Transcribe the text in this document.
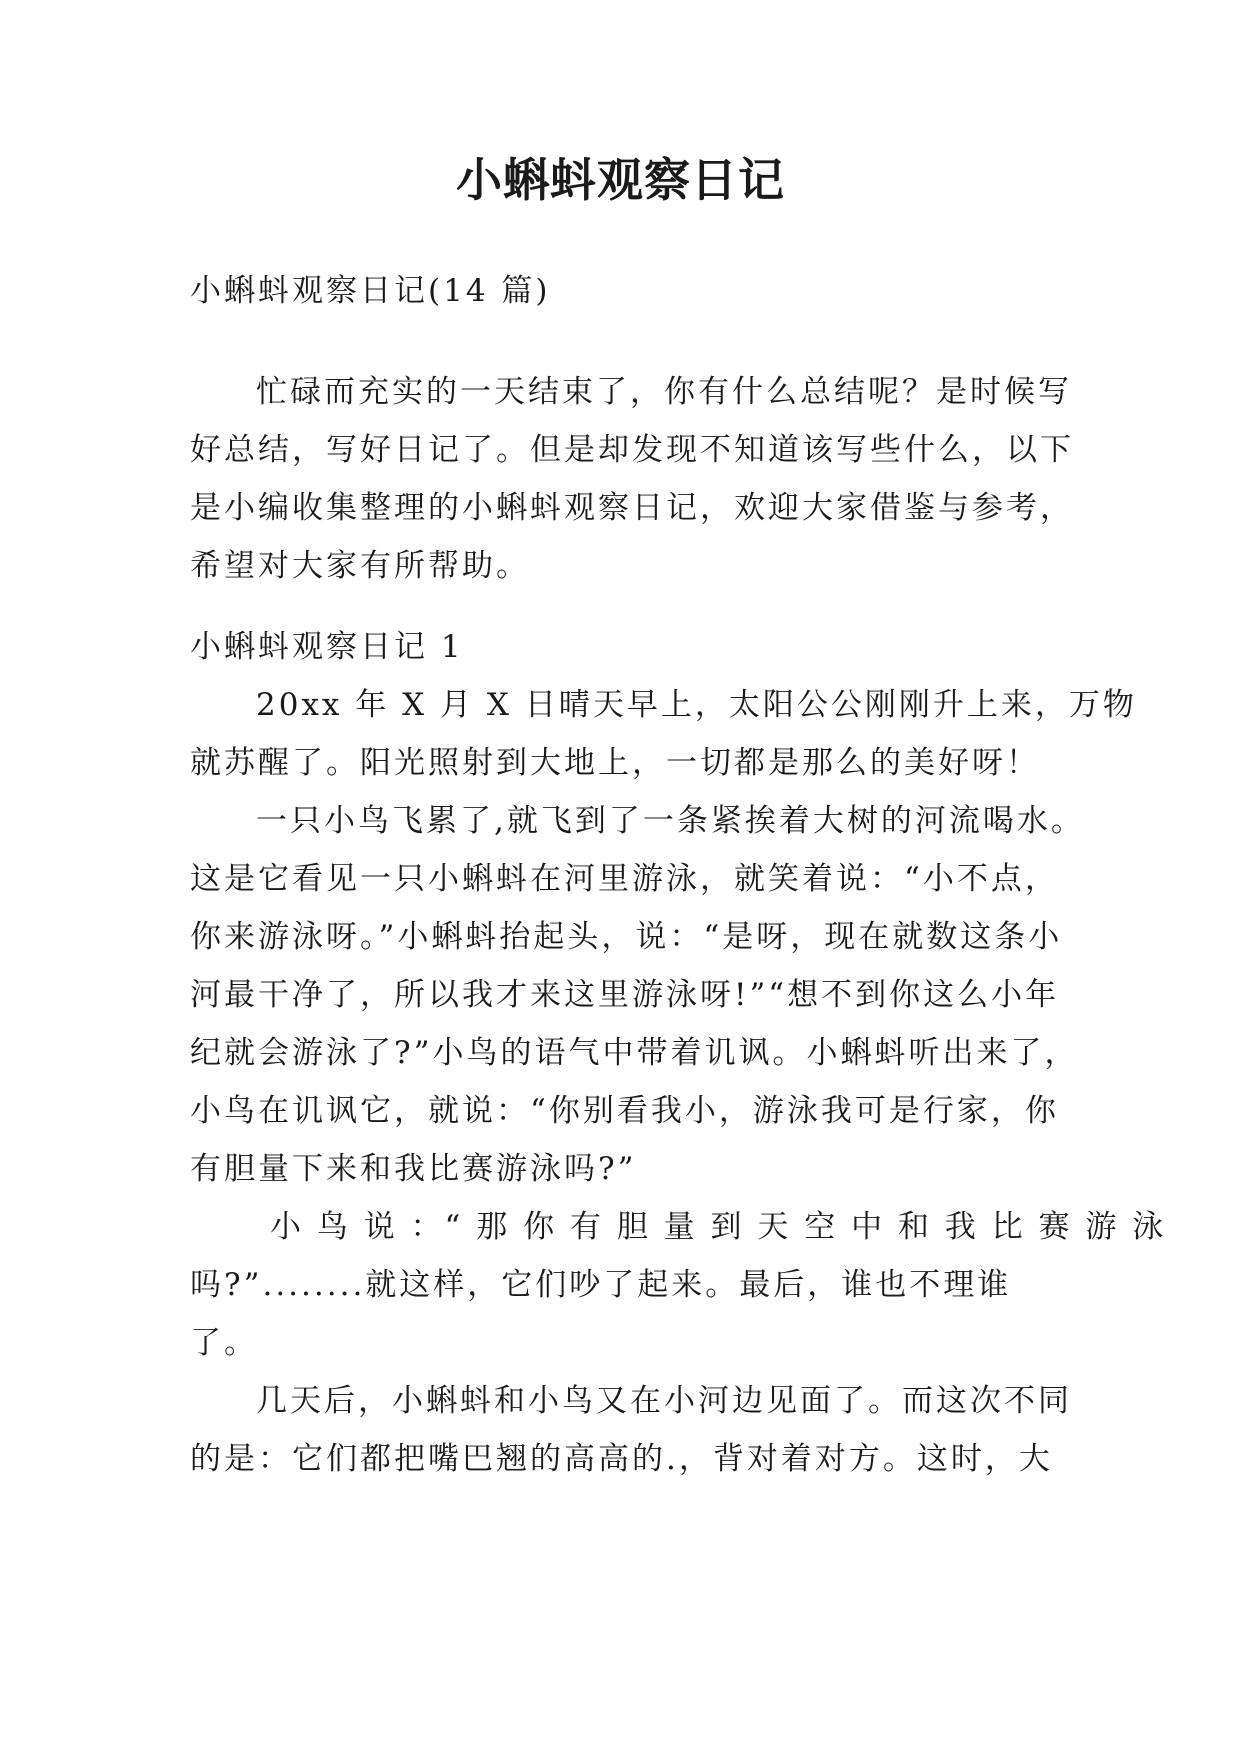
小蝌蚪观察日记

小蝌蚪观察日记(14 篇)

忙碌而充实的一天结束了，你有什么总结呢？是时候写
好总结，写好日记了。但是却发现不知道该写些什么，以下
是小编收集整理的小蝌蚪观察日记，欢迎大家借鉴与参考，
希望对大家有所帮助。

小蝌蚪观察日记 1

20xx 年 X 月 X 日晴天早上，太阳公公刚刚升上来，万物
就苏醒了。阳光照射到大地上，一切都是那么的美好呀！

一只小鸟飞累了,就飞到了一条紧挨着大树的河流喝水。
这是它看见一只小蝌蚪在河里游泳，就笑着说：“小不点，
你来游泳呀。”小蝌蚪抬起头，说：“是呀，现在就数这条小
河最干净了，所以我才来这里游泳呀!”“想不到你这么小年
纪就会游泳了?”小鸟的语气中带着讥讽。小蝌蚪听出来了，
小鸟在讥讽它，就说：“你别看我小，游泳我可是行家，你
有胆量下来和我比赛游泳吗?”

小 鸟 说 ：“ 那 你 有 胆 量 到 天 空 中 和 我 比 赛 游 泳
吗?”........就这样，它们吵了起来。最后，谁也不理谁
了。

几天后，小蝌蚪和小鸟又在小河边见面了。而这次不同
的是：它们都把嘴巴翘的高高的.，背对着对方。这时，大
